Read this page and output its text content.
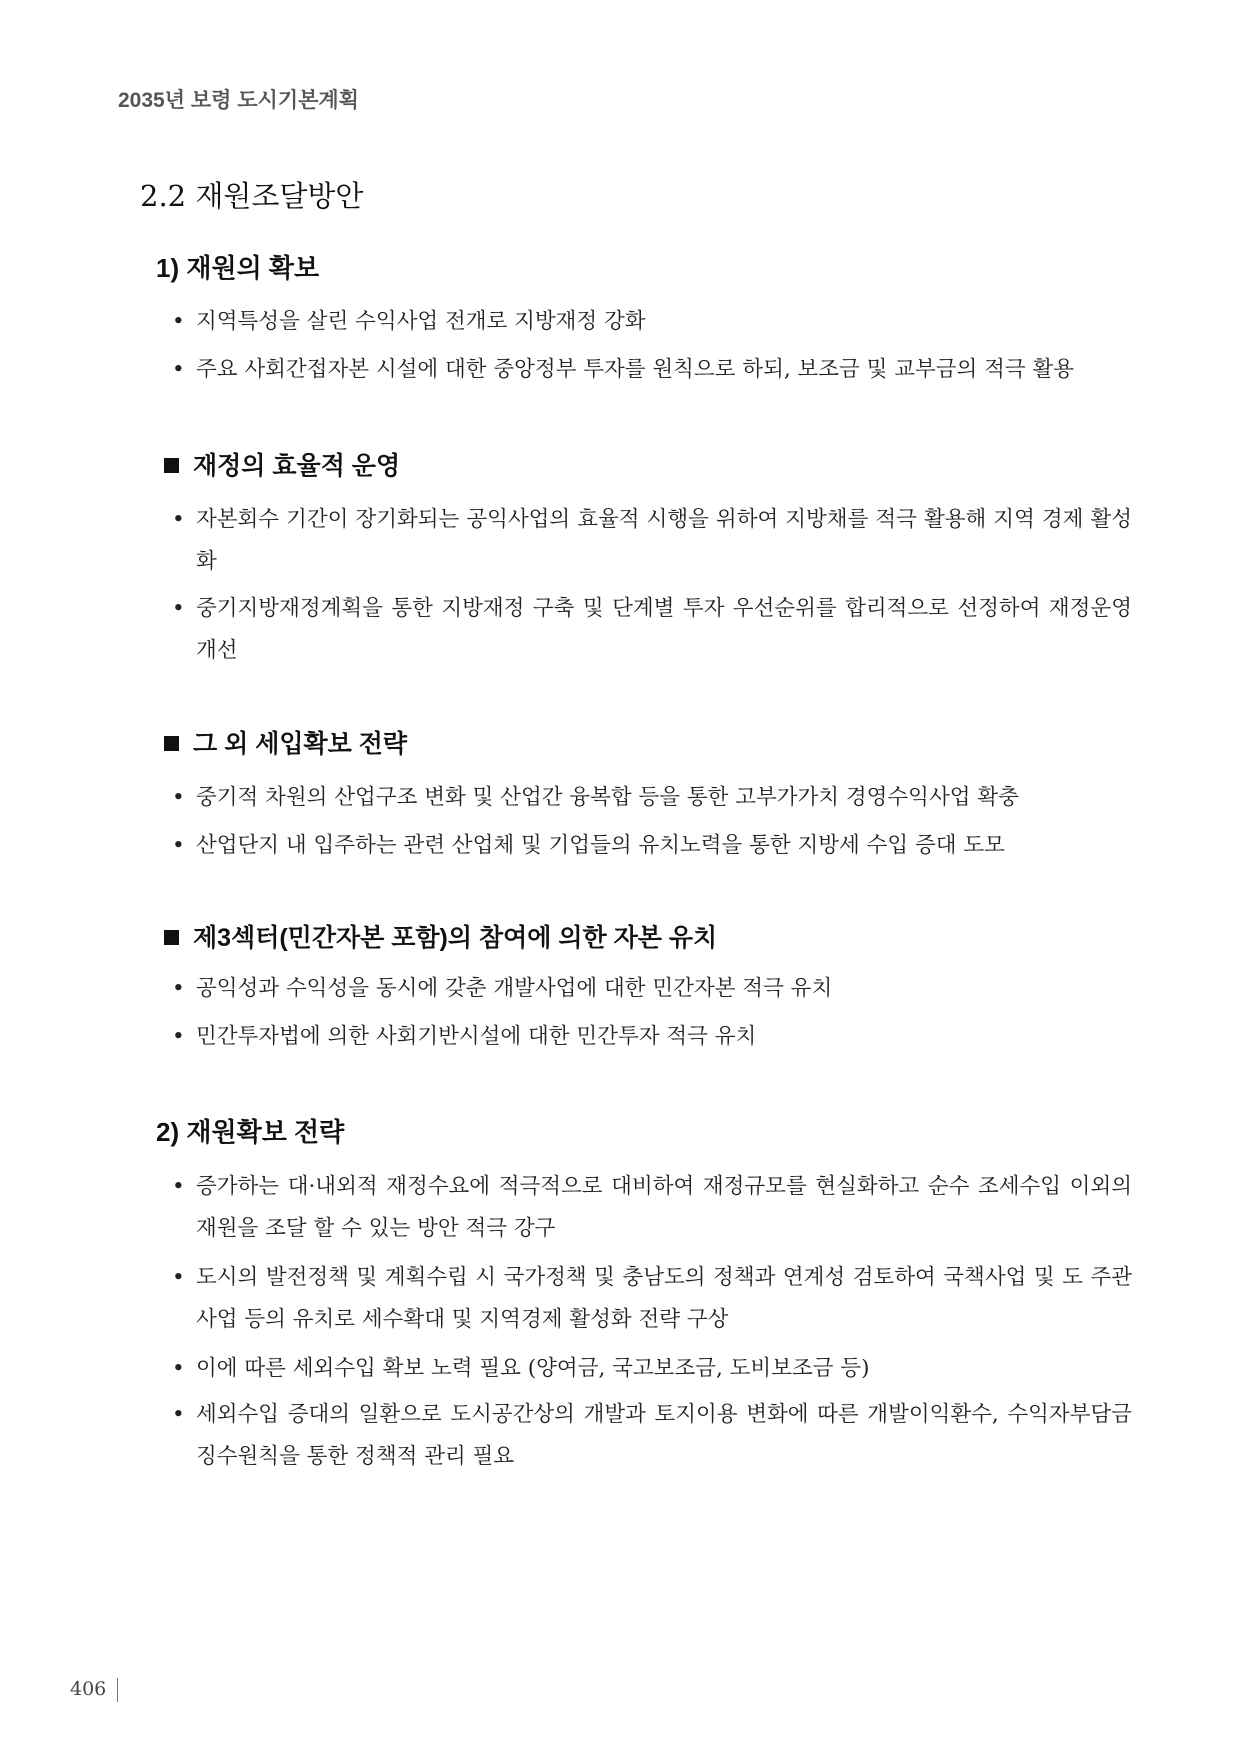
2035년 보령 도시기본계획
2.2 재원조달방안
1) 재원의 확보
• 지역특성을 살린 수익사업 전개로 지방재정 강화
• 주요 사회간접자본 시설에 대한 중앙정부 투자를 원칙으로 하되, 보조금 및 교부금의 적극 활용
재정의 효율적 운영
• 자본회수 기간이 장기화되는 공익사업의 효율적 시행을 위하여 지방채를 적극 활용해 지역 경제 활성화
• 중기지방재정계획을 통한 지방재정 구축 및 단계별 투자 우선순위를 합리적으로 선정하여 재정운영 개선
그 외 세입확보 전략
• 중기적 차원의 산업구조 변화 및 산업간 융복합 등을 통한 고부가가치 경영수익사업 확충
• 산업단지 내 입주하는 관련 산업체 및 기업들의 유치노력을 통한 지방세 수입 증대 도모
제3섹터(민간자본 포함)의 참여에 의한 자본 유치
• 공익성과 수익성을 동시에 갖춘 개발사업에 대한 민간자본 적극 유치
• 민간투자법에 의한 사회기반시설에 대한 민간투자 적극 유치
2) 재원확보 전략
• 증가하는 대·내외적 재정수요에 적극적으로 대비하여 재정규모를 현실화하고 순수 조세수입 이외의 재원을 조달 할 수 있는 방안 적극 강구
• 도시의 발전정책 및 계획수립 시 국가정책 및 충남도의 정책과 연계성 검토하여 국책사업 및 도 주관 사업 등의 유치로 세수확대 및 지역경제 활성화 전략 구상
• 이에 따른 세외수입 확보 노력 필요 (양여금, 국고보조금, 도비보조금 등)
• 세외수입 증대의 일환으로 도시공간상의 개발과 토지이용 변화에 따른 개발이익환수, 수익자부담금 징수원칙을 통한 정책적 관리 필요
406
